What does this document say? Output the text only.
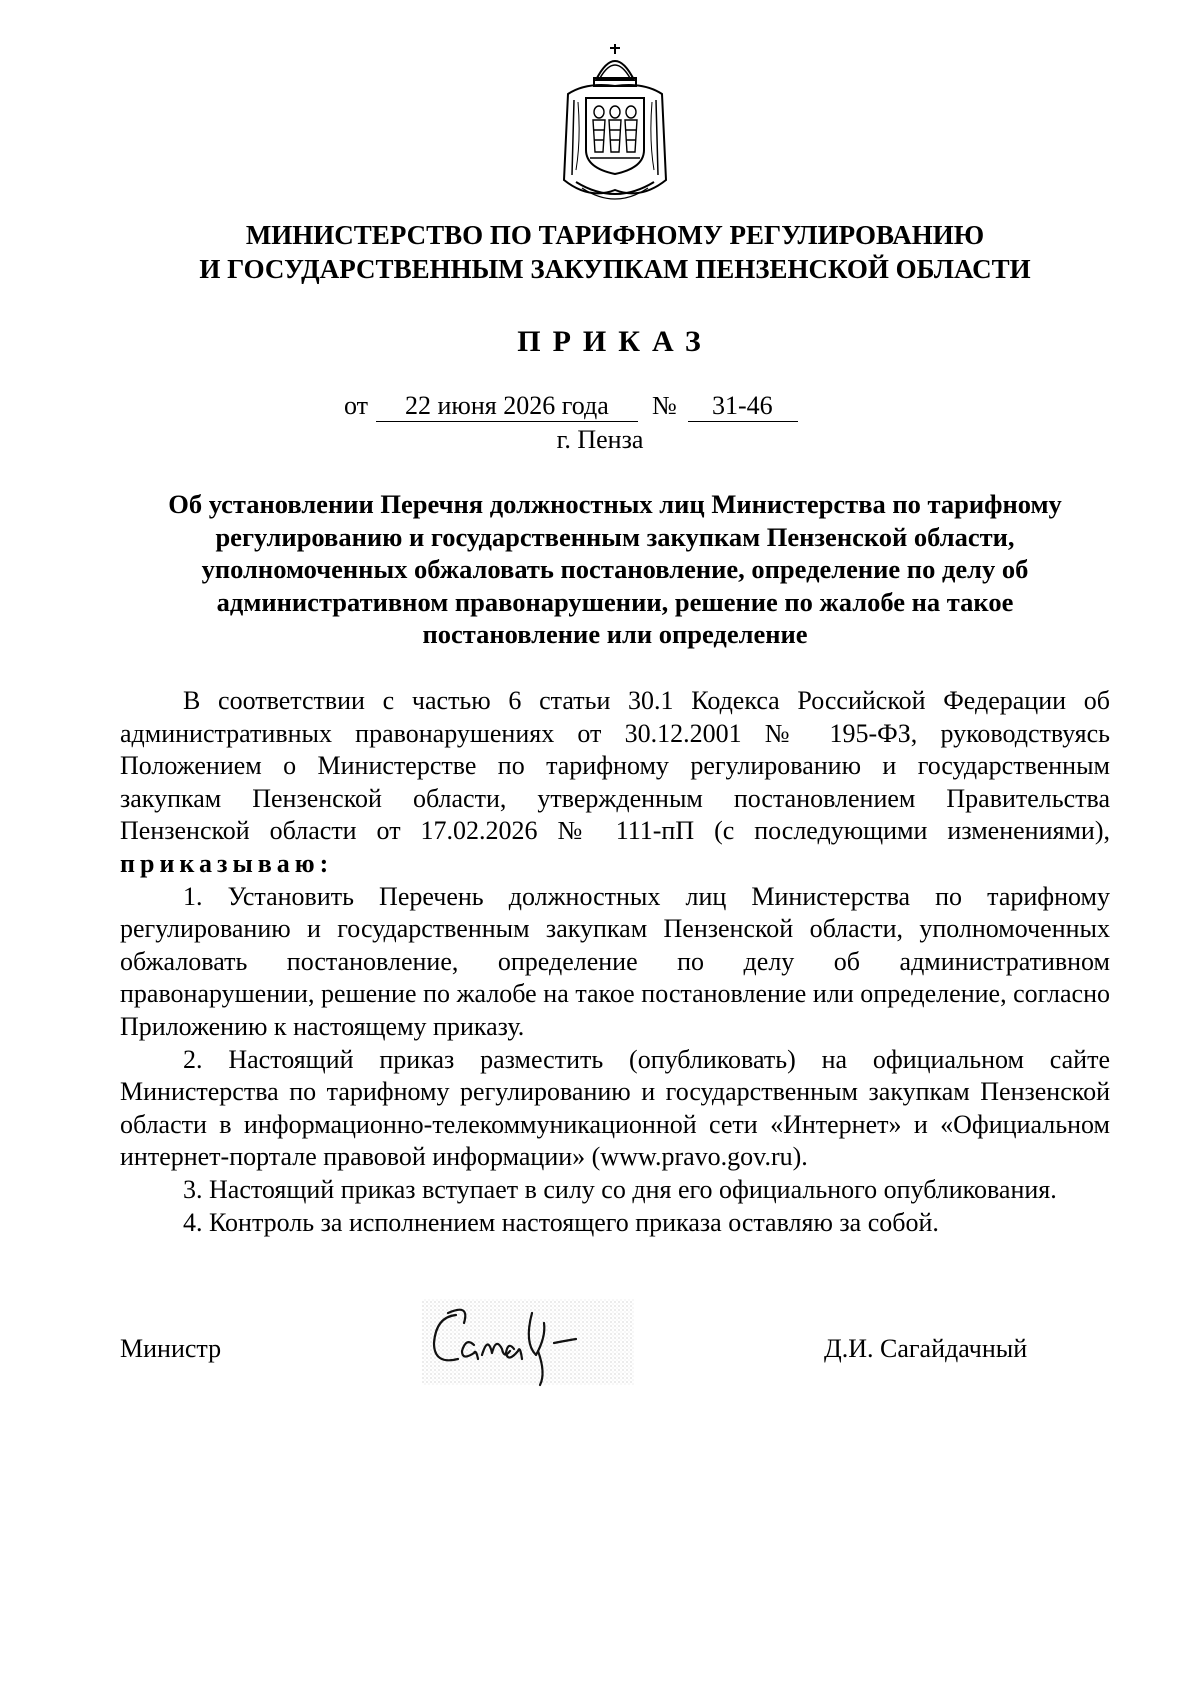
МИНИСТЕРСТВО ПО ТАРИФНОМУ РЕГУЛИРОВАНИЮ
И ГОСУДАРСТВЕННЫМ ЗАКУПКАМ ПЕНЗЕНСКОЙ ОБЛАСТИ
ПРИКАЗ
от 22 июня 2026 года № 31-46
г. Пенза
Об установлении Перечня должностных лиц Министерства по тарифному
регулированию и государственным закупкам Пензенской области,
уполномоченных обжаловать постановление, определение по делу об
административном правонарушении, решение по жалобе на такое
постановление или определение
В соответствии с частью 6 статьи 30.1 Кодекса Российской Федерации об
административных правонарушениях от 30.12.2001 № 195-ФЗ, руководствуясь
Положением о Министерстве по тарифному регулированию и государственным
закупкам Пензенской области, утвержденным постановлением Правительства
Пензенской области от 17.02.2026 № 111-пП (с последующими изменениями),
приказываю:
1. Установить Перечень должностных лиц Министерства по тарифному
регулированию и государственным закупкам Пензенской области, уполномоченных
обжаловать постановление, определение по делу об административном
правонарушении, решение по жалобе на такое постановление или определение, согласно
Приложению к настоящему приказу.
2. Настоящий приказ разместить (опубликовать) на официальном сайте
Министерства по тарифному регулированию и государственным закупкам Пензенской
области в информационно-телекоммуникационной сети «Интернет» и «Официальном
интернет-портале правовой информации» (www.pravo.gov.ru).
3. Настоящий приказ вступает в силу со дня его официального опубликования.
4. Контроль за исполнением настоящего приказа оставляю за собой.
Министр	Д.И. Сагайдачный
